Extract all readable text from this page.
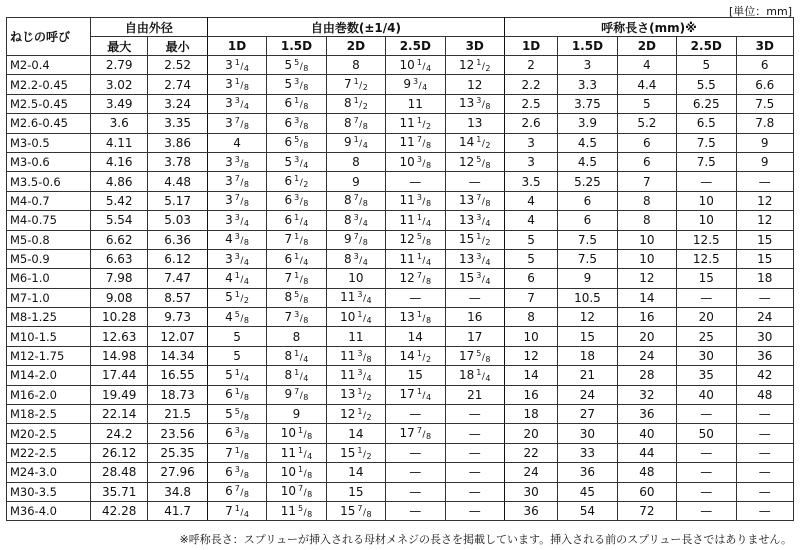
[単位：mm]
ねじの呼び	自由外径		自由巻数(±1/4)					呼称長さ(mm)※				
	最大	最小	1D	1.5D	2D	2.5D	3D	1D	1.5D	2D	2.5D	3D
M2-0.4	2.79	2.52	3 $^1/_4$	5 $^5/_8$	8	10 $^1/_4$	12 $^1/_2$	2	3	4	5	6
M2.2-0.45	3.02	2.74	3 $^1/_8$	5 $^3/_8$	7 $^1/_2$	9 $^3/_4$	12	2.2	3.3	4.4	5.5	6.6
M2.5-0.45	3.49	3.24	3 $^3/_4$	6 $^1/_8$	8 $^1/_2$	11	13 $^3/_8$	2.5	3.75	5	6.25	7.5
M2.6-0.45	3.6	3.35	3 $^7/_8$	6 $^3/_8$	8 $^7/_8$	11 $^1/_2$	13	2.6	3.9	5.2	6.5	7.8
M3-0.5	4.11	3.86	4	6 $^5/_8$	9 $^1/_4$	11 $^7/_8$	14 $^1/_2$	3	4.5	6	7.5	9
M3-0.6	4.16	3.78	3 $^3/_8$	5 $^3/_4$	8	10 $^3/_8$	12 $^5/_8$	3	4.5	6	7.5	9
M3.5-0.6	4.86	4.48	3 $^7/_8$	6 $^1/_2$	9	—	—	3.5	5.25	7	—	—
M4-0.7	5.42	5.17	3 $^7/_8$	6 $^3/_8$	8 $^7/_8$	11 $^3/_8$	13 $^7/_8$	4	6	8	10	12
M4-0.75	5.54	5.03	3 $^3/_4$	6 $^1/_4$	8 $^3/_4$	11 $^1/_4$	13 $^3/_4$	4	6	8	10	12
M5-0.8	6.62	6.36	4 $^3/_8$	7 $^1/_8$	9 $^7/_8$	12 $^5/_8$	15 $^1/_2$	5	7.5	10	12.5	15
M5-0.9	6.63	6.12	3 $^3/_4$	6 $^1/_4$	8 $^3/_4$	11 $^1/_4$	13 $^3/_4$	5	7.5	10	12.5	15
M6-1.0	7.98	7.47	4 $^1/_4$	7 $^1/_8$	10	12 $^7/_8$	15 $^3/_4$	6	9	12	15	18
M7-1.0	9.08	8.57	5 $^1/_2$	8 $^5/_8$	11 $^3/_4$	—	—	7	10.5	14	—	—
M8-1.25	10.28	9.73	4 $^5/_8$	7 $^3/_8$	10 $^1/_4$	13 $^1/_8$	16	8	12	16	20	24
M10-1.5	12.63	12.07	5	8	11	14	17	10	15	20	25	30
M12-1.75	14.98	14.34	5	8 $^1/_4$	11 $^3/_8$	14 $^1/_2$	17 $^5/_8$	12	18	24	30	36
M14-2.0	17.44	16.55	5 $^1/_4$	8 $^1/_4$	11 $^3/_4$	15	18 $^1/_4$	14	21	28	35	42
M16-2.0	19.49	18.73	6 $^1/_8$	9 $^7/_8$	13 $^1/_2$	17 $^1/_4$	21	16	24	32	40	48
M18-2.5	22.14	21.5	5 $^5/_8$	9	12 $^1/_2$	—	—	18	27	36	—	—
M20-2.5	24.2	23.56	6 $^3/_8$	10 $^1/_8$	14	17 $^7/_8$	—	20	30	40	50	—
M22-2.5	26.12	25.35	7 $^1/_8$	11 $^1/_4$	15 $^1/_2$	—	—	22	33	44	—	—
M24-3.0	28.48	27.96	6 $^3/_8$	10 $^1/_8$	14	—	—	24	36	48	—	—
M30-3.5	35.71	34.8	6 $^7/_8$	10 $^7/_8$	15	—	—	30	45	60	—	—
M36-4.0	42.28	41.7	7 $^1/_4$	11 $^5/_8$	15 $^7/_8$	—	—	36	54	72	—	—
※呼称長さ：スプリューが挿入される母材メネジの長さを掲載しています。挿入される前のスプリュー長さではありません。
